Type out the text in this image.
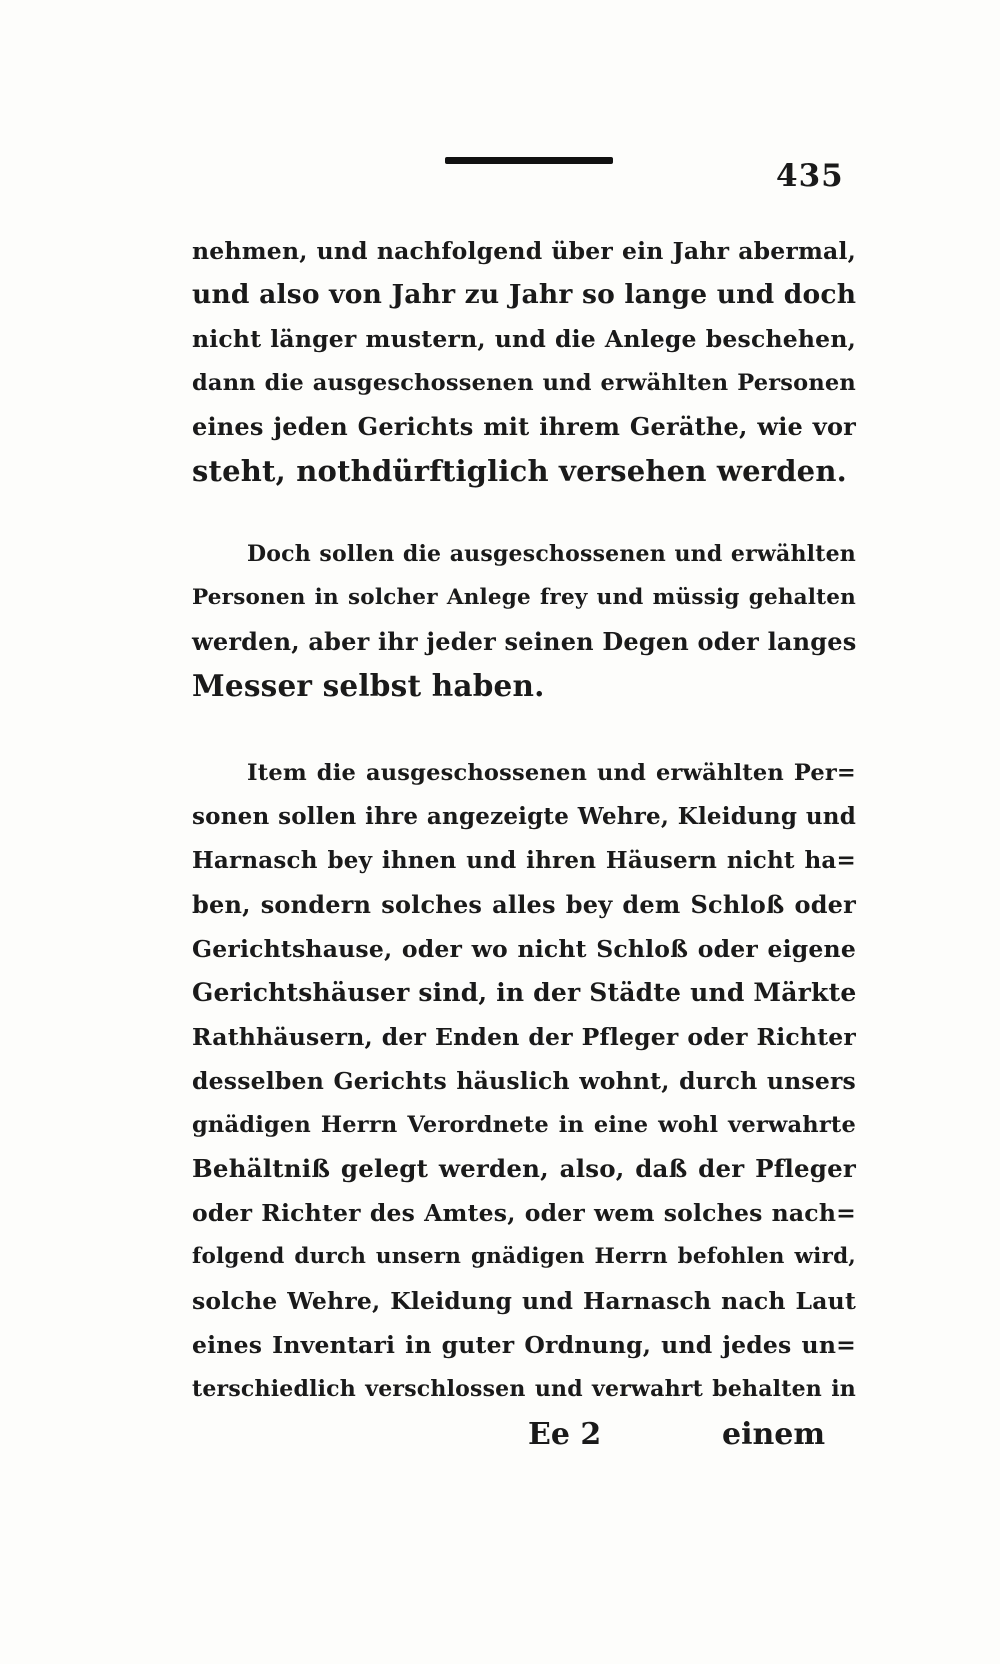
435
nehmen, und nachfolgend über ein Jahr abermal,
und also von Jahr zu Jahr so lange und doch
nicht länger mustern, und die Anlege beschehen,
dann die ausgeschossenen und erwählten Personen
eines jeden Gerichts mit ihrem Geräthe, wie vor
steht, nothdürftiglich versehen werden.
Doch sollen die ausgeschossenen und erwählten
Personen in solcher Anlege frey und müssig gehalten
werden, aber ihr jeder seinen Degen oder langes
Messer selbst haben.
Item die ausgeschossenen und erwählten Per=
sonen sollen ihre angezeigte Wehre, Kleidung und
Harnasch bey ihnen und ihren Häusern nicht ha=
ben, sondern solches alles bey dem Schloß oder
Gerichtshause, oder wo nicht Schloß oder eigene
Gerichtshäuser sind, in der Städte und Märkte
Rathhäusern, der Enden der Pfleger oder Richter
desselben Gerichts häuslich wohnt, durch unsers
gnädigen Herrn Verordnete in eine wohl verwahrte
Behältniß gelegt werden, also, daß der Pfleger
oder Richter des Amtes, oder wem solches nach=
folgend durch unsern gnädigen Herrn befohlen wird,
solche Wehre, Kleidung und Harnasch nach Laut
eines Inventari in guter Ordnung, und jedes un=
terschiedlich verschlossen und verwahrt behalten in
Ee 2	einem
